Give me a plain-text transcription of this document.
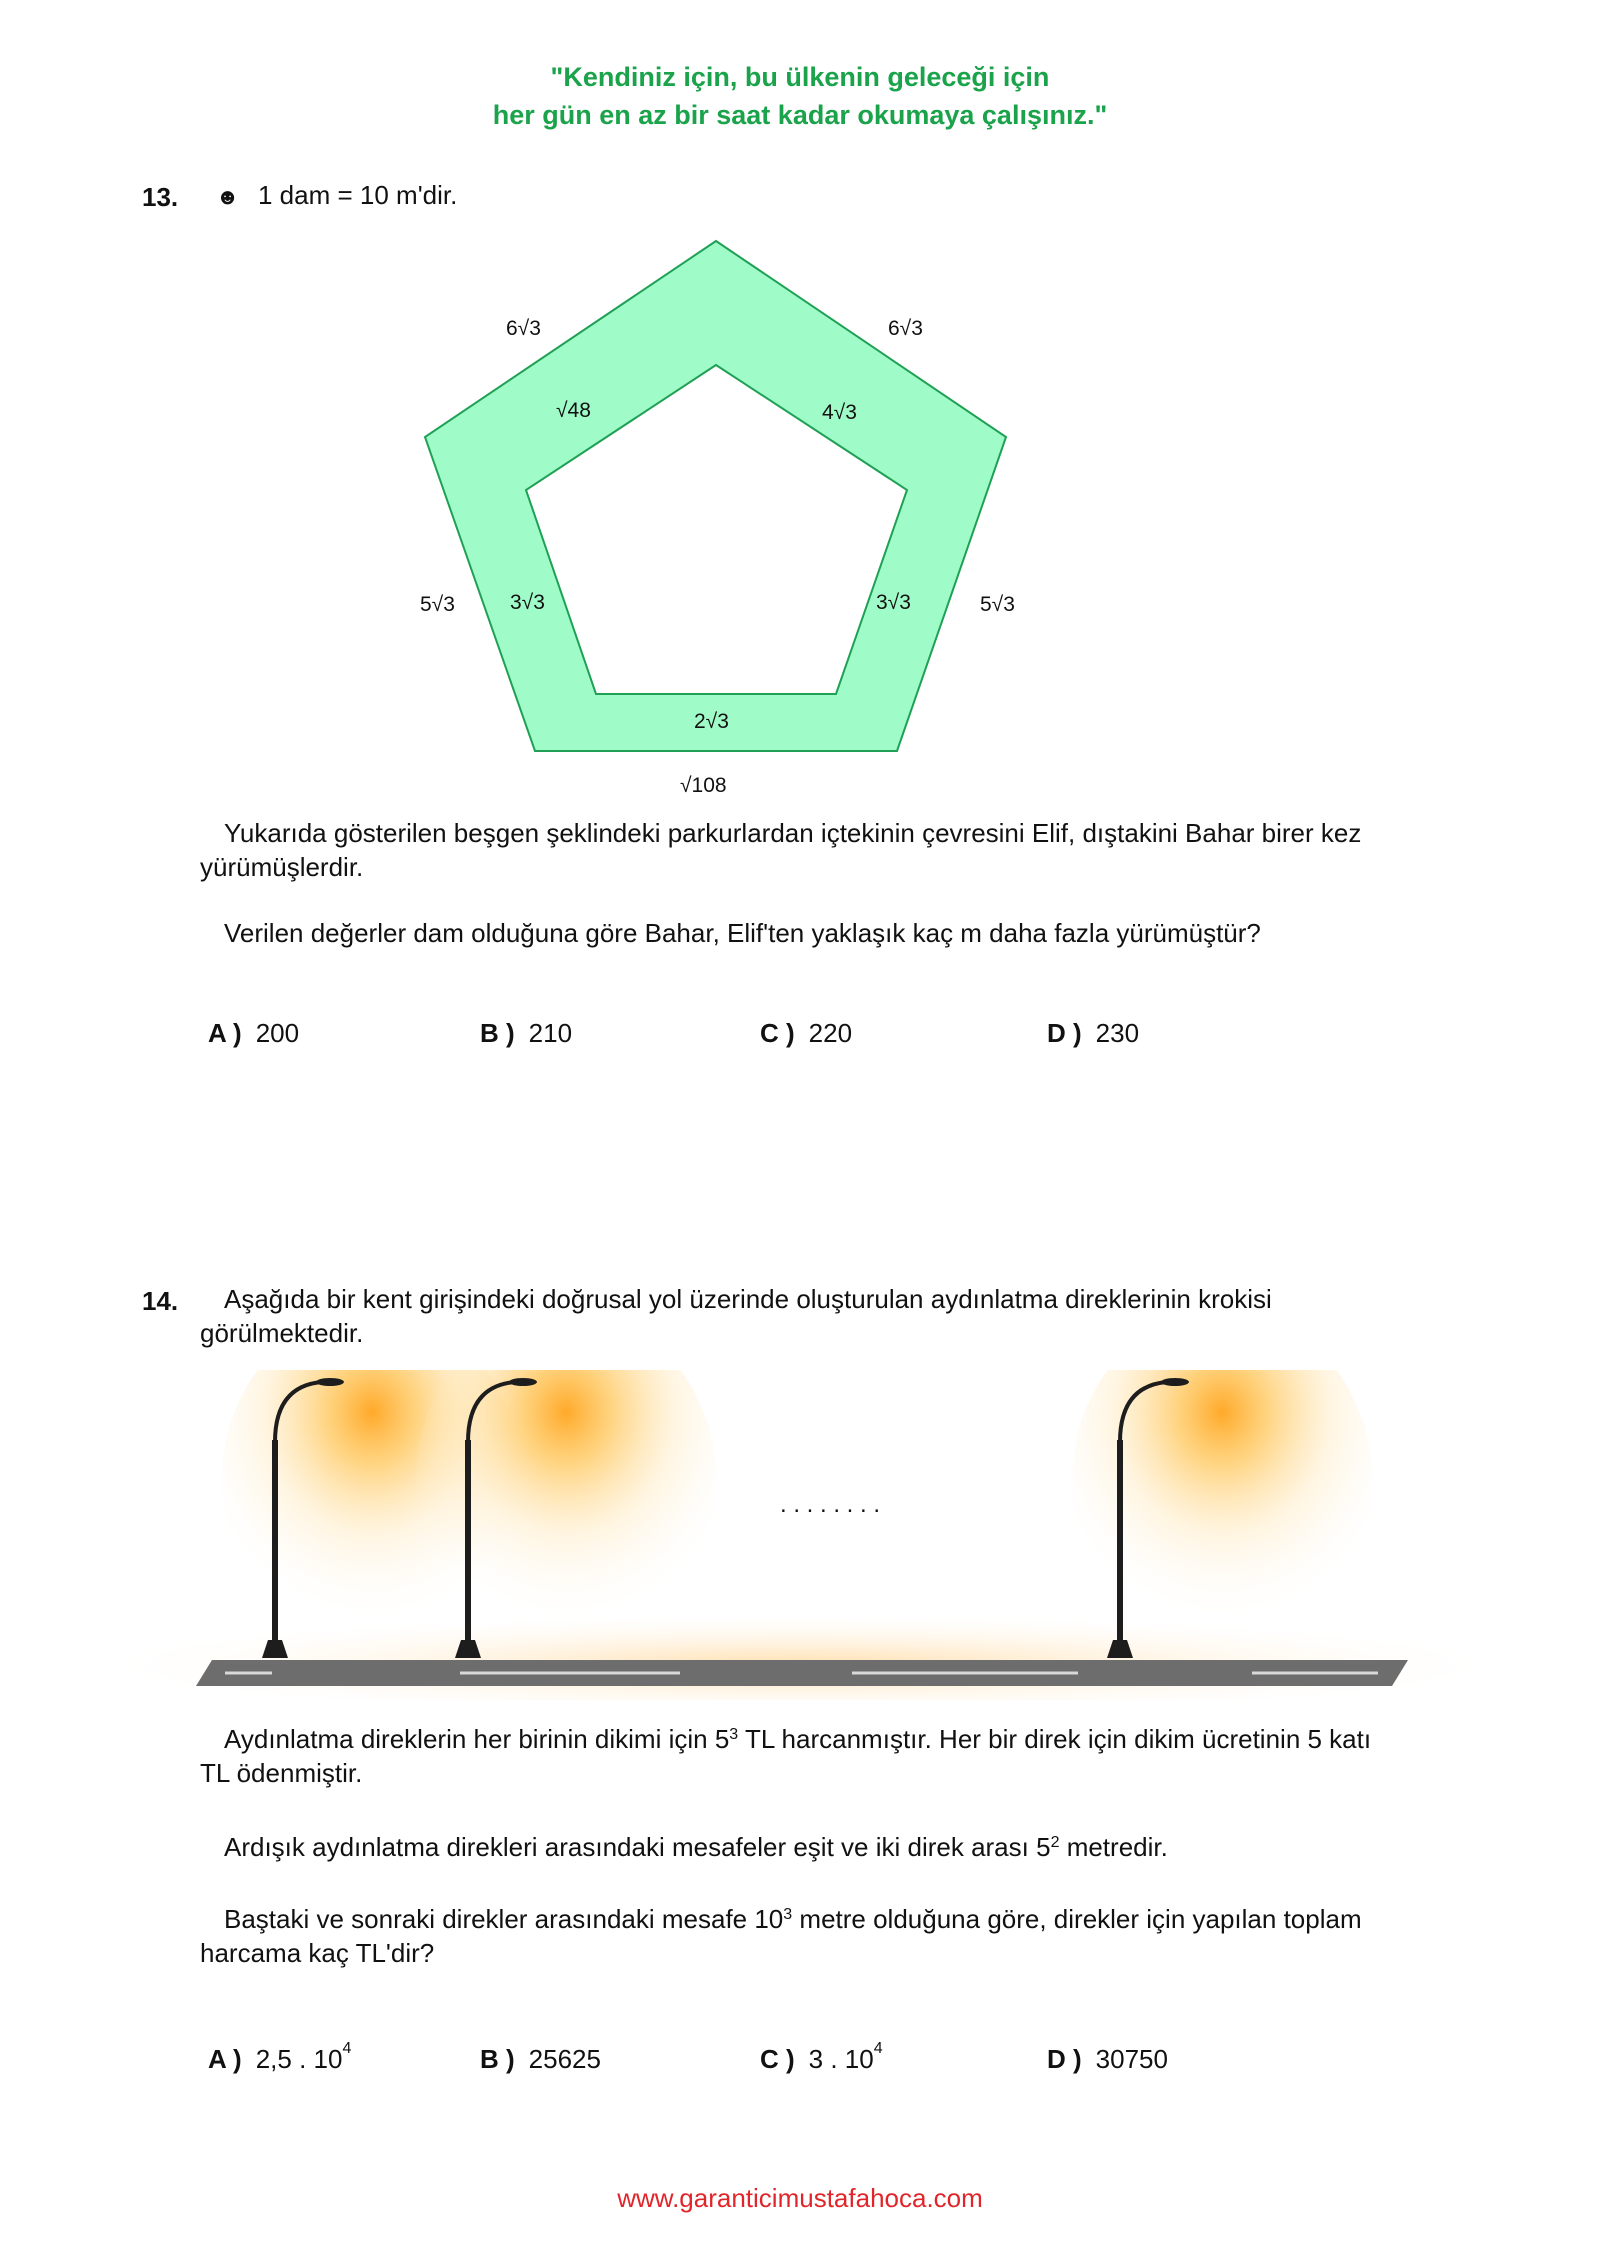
"Kendiniz için, bu ülkenin geleceği için
her gün en az bir saat kadar okumaya çalışınız."
13. ☻ 1 dam = 10 m'dir.
6√3	6√3
√48	4√3
5√3	3√3	3√3	5√3
2√3
√108
Yukarıda gösterilen beşgen şeklindeki parkurlardan içtekinin çevresini Elif, dıştakini Bahar birer kez yürümüşlerdir.
Verilen değerler dam olduğuna göre Bahar, Elif'ten yaklaşık kaç m daha fazla yürümüştür?
A ) 200	B ) 210	C ) 220	D ) 230
14.	Aşağıda bir kent girişindeki doğrusal yol üzerinde oluşturulan aydınlatma direklerinin krokisi görülmektedir.
. . . . . . . .
Aydınlatma direklerin her birinin dikimi için $5^3$ TL harcanmıştır. Her bir direk için dikim ücretinin 5 katı TL ödenmiştir.
Ardışık aydınlatma direkleri arasındaki mesafeler eşit ve iki direk arası $5^2$ metredir.
Baştaki ve sonraki direkler arasındaki mesafe $10^3$ metre olduğuna göre, direkler için yapılan toplam harcama kaç TL'dir?
A ) 2,5 . $10^4$	B ) 25625	C ) 3 . $10^4$	D ) 30750
www.garanticimustafahoca.com
